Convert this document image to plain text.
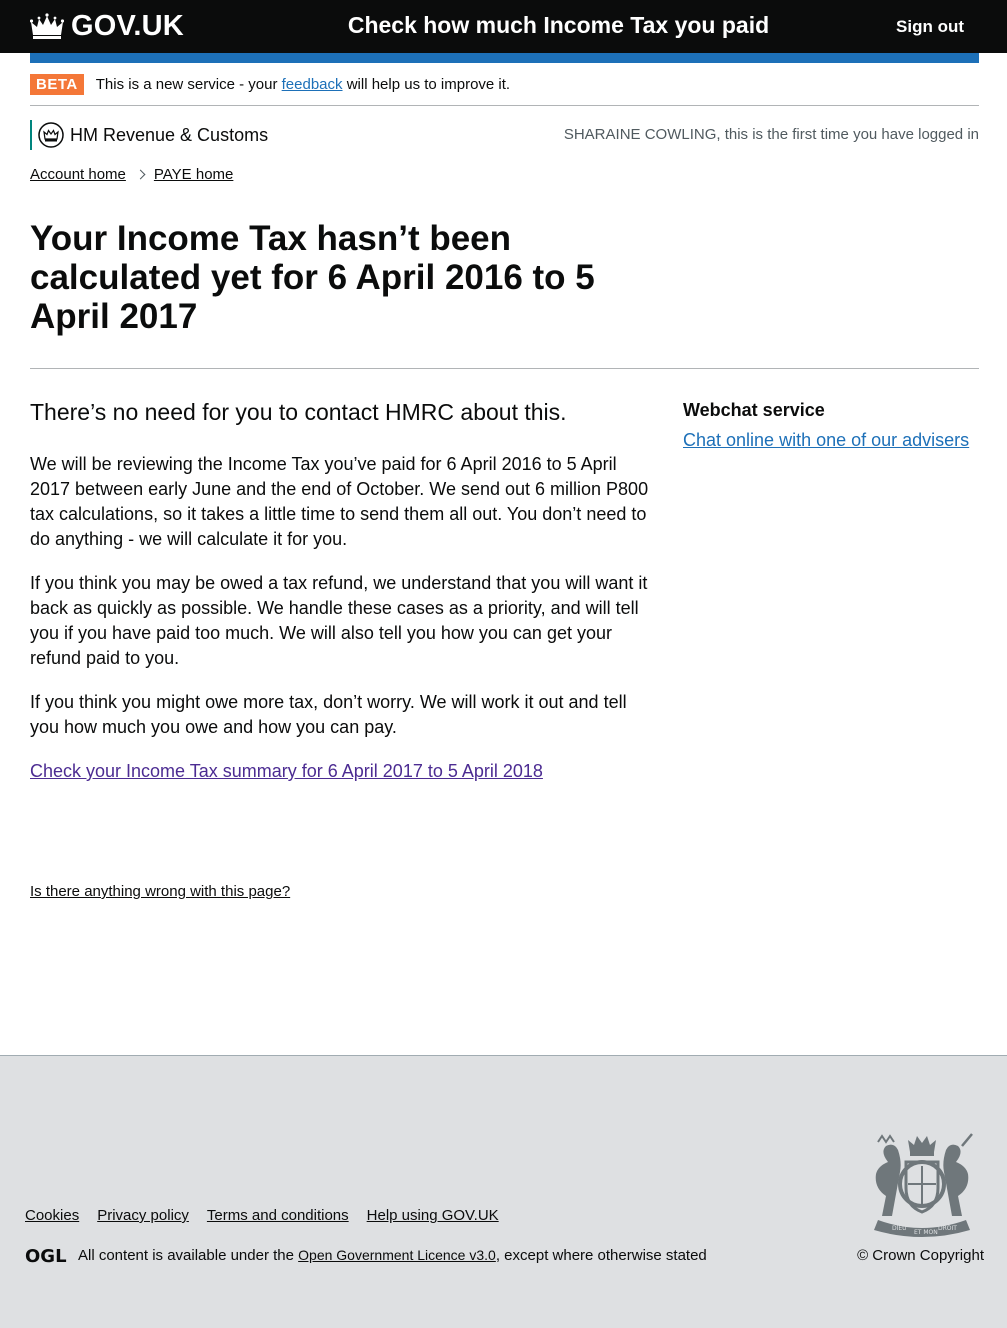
GOV.UK	Check how much Income Tax you paid	Sign out
BETA	This is a new service - your
feedback
will help us to improve it.
HM Revenue & Customs	SHARAINE COWLING, this is the first time you have logged in
Account home PAYE home
Your Income Tax hasn’t been calculated yet for 6 April 2016 to 5 April 2017

There’s no need for you to contact HMRC about this.

We will be reviewing the Income Tax you’ve paid for 6 April 2016 to 5 April 2017 between early June and the end of October. We send out 6 million P800 tax calculations, so it takes a little time to send them all out. You don’t need to do anything - we will calculate it for you.

If you think you may be owed a tax refund, we understand that you will want it back as quickly as possible. We handle these cases as a priority, and will tell you if you have paid too much. We will also tell you how you can get your refund paid to you.

If you think you might owe more tax, don’t worry. We will work it out and tell you how much you owe and how you can pay.

Check your Income Tax summary for 6 April 2017 to 5 April 2018
Webchat service
Chat online with one of our advisers
Is there anything wrong with this page?
DIEU
ET MON
DROIT
Cookies Privacy policy Terms and conditions Help using GOV.UK
OGL All content is available under the
Open Government Licence v3.0 , except where otherwise stated	© Crown Copyright
